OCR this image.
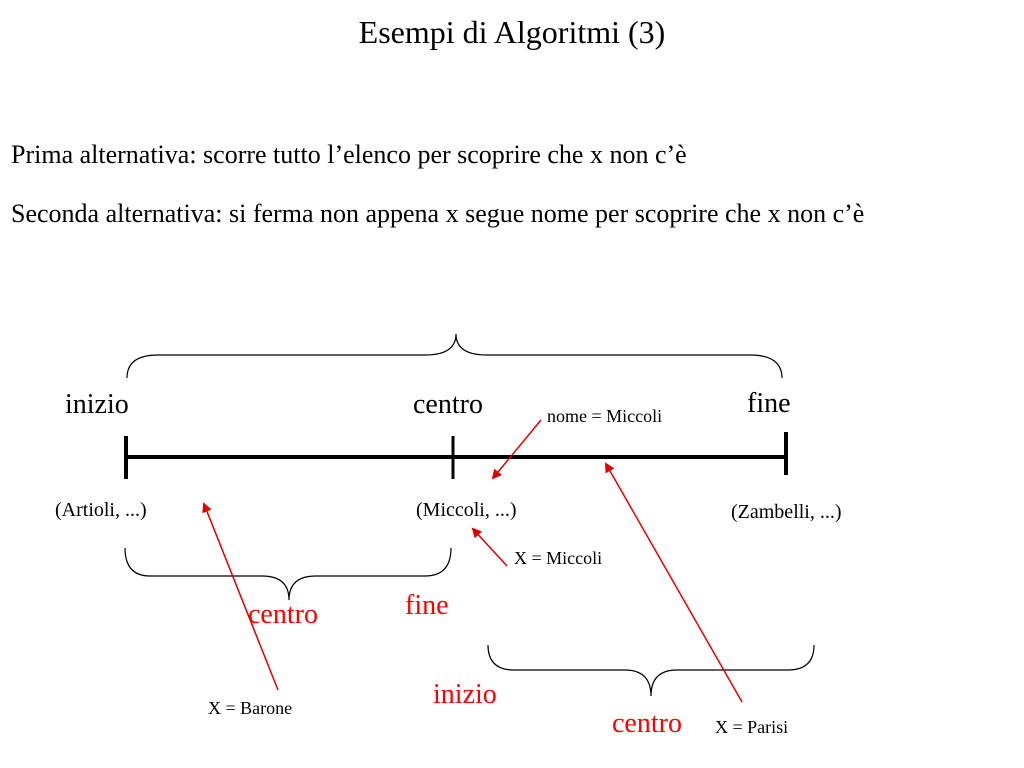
Esempi di Algoritmi (3)
Prima alternativa: scorre tutto l’elenco per scoprire che x non c’è
Seconda alternativa: si ferma non appena x segue nome per scoprire che x non c’è
inizio	centro	fine
nome = Miccoli
(Artioli, ...)	(Miccoli, ...)	(Zambelli, ...)
centro	fine
inizio
centro
X = Miccoli
X = Barone
X = Parisi
